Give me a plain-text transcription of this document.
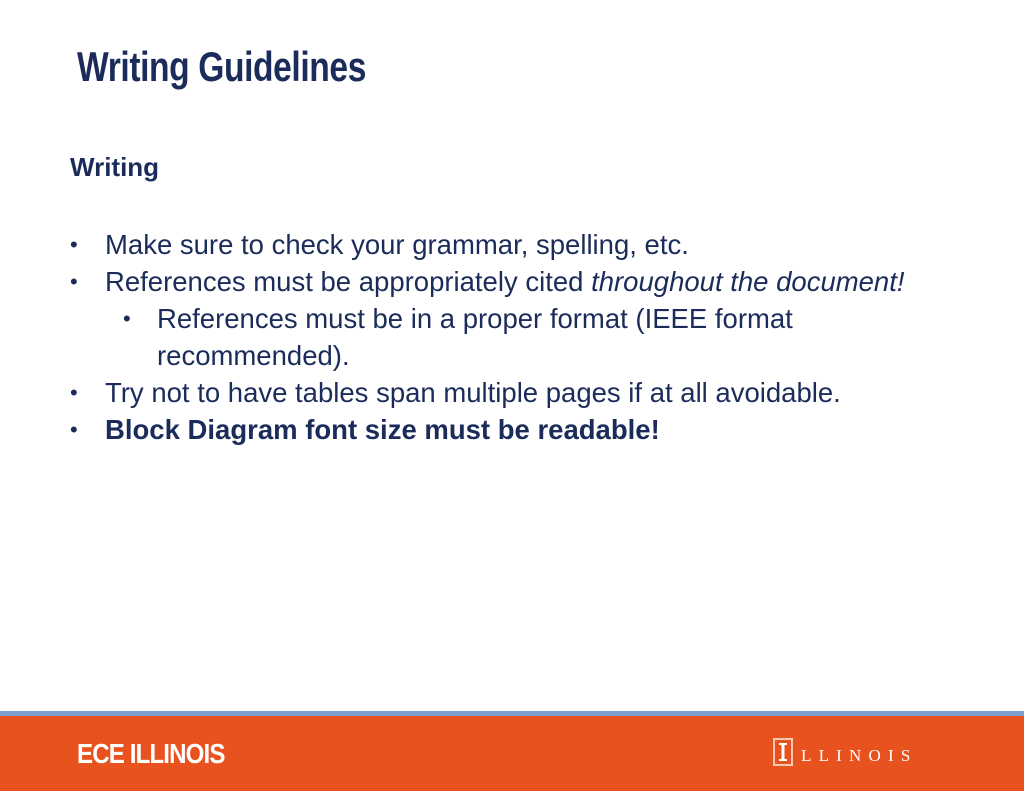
Writing Guidelines
Writing
• Make sure to check your grammar, spelling, etc.
• References must be appropriately cited throughout the document!
• References must be in a proper format (IEEE format recommended).
• Try not to have tables span multiple pages if at all avoidable.
• Block Diagram font size must be readable!
ECE ILLINOIS	LLINOIS
